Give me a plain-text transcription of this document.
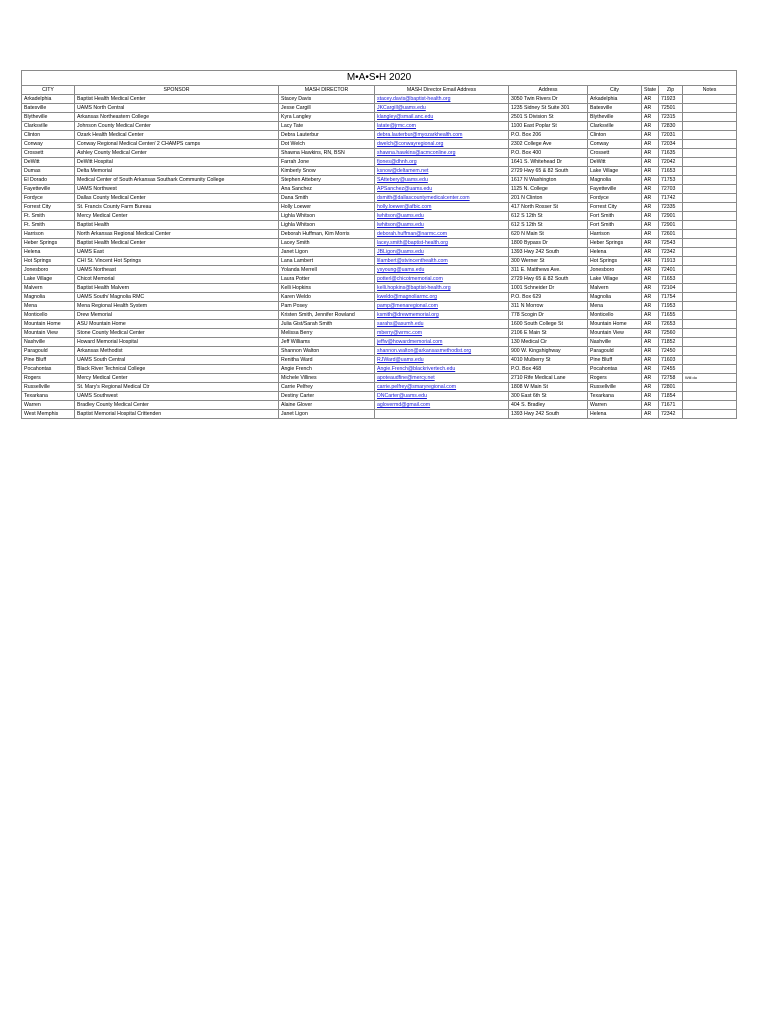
M•A•S•H 2020								
CITY	SPONSOR	MASH DIRECTOR	MASH Director Email Address	Address	City	State	Zip	Notes
Arkadelphia	Baptist Health Medical Center	Stacey Davis	stacey.davis@baptist-health.org	3050 Twin Rivers Dr	Arkadelphia	AR	71923	
Batesville	UAMS North Central	Jesse Cargill	JKCargill@uams.edu	1235 Sidney St Suite 301	Batesville	AR	72501	
Blytheville	Arkansas Northeastern College	Kyra Langley	klangley@smail.anc.edu	2501 S Division St	Blytheville	AR	72315	
Clarksville	Johnson County Medical Center	Lacy Tate	latate@jrmc.com	1100 East Poplar St	Clarksville	AR	72830	
Clinton	Ozark Health Medical Center	Debra Lauterbur	debra.lauterbur@myozarkhealth.com	P.O. Box 206	Clinton	AR	72031	
Conway	Conway Regional Medical Center/ 2 CHAMPS camps	Dot Welch	dwelch@conwayregional.org	2302 College Ave	Conway	AR	72034	
Crossett	Ashley County Medical Center	Shawna Hawkins, RN, BSN	shawna.hawkins@acmconline.org	P.O. Box 400	Crossett	AR	71635	
DeWitt	DeWitt Hospital	Farrah Jone	fjones@dhnh.org	1641 S. Whitehead Dr	DeWitt	AR	72042	
Dumas	Delta Memorial	Kimberly Snow	ksnow@deltamem.net	2729 Hwy 65 & 82 South	Lake Village	AR	71653	
El Dorado	Medical Center of South Arkansas Southark Community College	Stephen Attebery	SAttebery@uams.edu	1617 N Washington	Magnolia	AR	71753	
Fayetteville	UAMS Northwest	Ana Sanchez	APSanchez@uams.edu	1125 N. College	Fayetteville	AR	72703	
Fordyce	Dallas County Medical Center	Dana Smith	dsmith@dallascountymedicalcenter.com	201 N Clinton	Fordyce	AR	71742	
Forrest City	St. Francis County Farm Bureau	Holly Loewer	holly.loewer@afbic.com	417 North Rosser St	Forrest City	AR	72335	
Ft. Smith	Mercy Medical Center	Lighla Whitson	lwhitson@uams.edu	612 S 12th St	Fort Smith	AR	72901	
Ft. Smith	Baptist Health	Lighla Whitson	lwhitson@uams.edu	612 S 12th St	Fort Smith	AR	72901	
Harrison	North Arkansas Regional Medical Center	Deborah Huffman, Kim Morris	deborah.huffman@narmc.com	620 N Main St	Harrison	AR	72601	
Heber Springs	Baptist Health Medical Center	Lacey Smith	lacey.smith@baptist-health.org	1800 Bypass Dr	Heber Springs	AR	72543	
Helena	UAMS East	Janet Ligon	JBLigon@uams.edu	1393 Hwy 242 South	Helena	AR	72342	
Hot Springs	CHI St. Vincent Hot Springs	Lana Lambert	lilambert@stvincenthealth.com	300 Werner St	Hot Springs	AR	71913	
Jonesboro	UAMS Northeast	Yolanda Merrell	ysyoung@uams.edu	311 E. Matthews Ave.	Jonesboro	AR	72401	
Lake Village	Chicot Memorial	Laura Potter	potterl@chicotmemorial.com	2729 Hwy 65 & 82 South	Lake Village	AR	71653	
Malvern	Baptist Health Malvern	Kelli Hopkins	kelli.hopkins@baptist-health.org	1001 Schneider Dr	Malvern	AR	72104	
Magnolia	UAMS South/ Magnolia RMC	Karen Weldo	kweldo@magnoliarmc.org	P.O. Box 629	Magnolia	AR	71754	
Mena	Mena Regional Health System	Pam Posey	pamp@menaregional.com	311 N Morrow	Mena	AR	71953	
Monticello	Drew Memorial	Kristen Smith, Jennifer Rowland	ksmith@drewmemorial.org	778 Scogin Dr	Monticello	AR	71655	
Mountain Home	ASU Mountain Home	Julia Gist/Sarah Smith	sarahs@asumh.edu	1600 South College St	Mountain Home	AR	72653	
Mountain View	Stone County Medical Center	Melissa Berry	mberry@wrmc.com	2106 E Main St	Mountain View	AR	72560	
Nashville	Howard Memorial Hospital	Jeff Williams	jeffw@howardmemorial.com	130 Medical Cir	Nashville	AR	71852	
Paragould	Arkansas Methodist	Shannon Walton	shannon.walton@arkansasmethodist.org	900 W. Kingshighway	Paragould	AR	72450	
Pine Bluff	UAMS South Central	Renitha Ward	RJWard@uams.edu	4010 Mulberry St	Pine Bluff	AR	71603	
Pocahontas	Black River Technical College	Angie French	Angie.French@blackrivertech.edu	P.O. Box 468	Pocahontas	AR	72455	
Rogers	Mercy Medical Center	Michele Villines	apoteaudfine@mercy.net	2710 Rife Medical Lane	Rogers	AR	72758	Will do
Russellville	St. Mary's Regional Medical Ctr	Carrie Pelfrey	carrie.pelfrey@smaryregional.com	1808 W Main St	Russellville	AR	72801	
Texarkana	UAMS Southwest	Destiny Carter	DNCarter@uams.edu	300 East 6th St	Texarkana	AR	71854	
Warren	Bradley County Medical Center	Alaine Glover	aglovermd@gmail.com	404 S. Bradley	Warren	AR	71671	
West Memphis	Baptist Memorial Hospital Crittenden	Janet Ligon		1393 Hwy 242 South	Helena	AR	72342	
